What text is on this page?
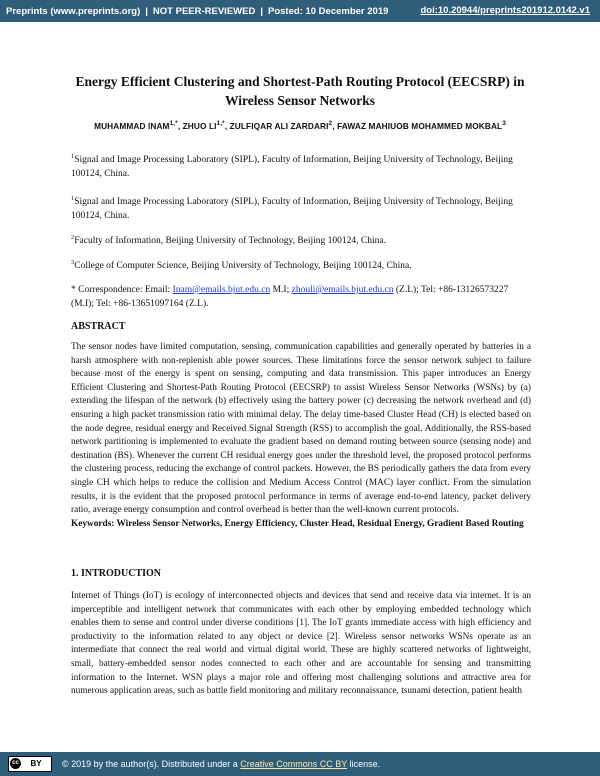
Preprints (www.preprints.org) | NOT PEER-REVIEWED | Posted: 10 December 2019	doi:10.20944/preprints201912.0142.v1
Energy Efficient Clustering and Shortest-Path Routing Protocol (EECSRP) in Wireless Sensor Networks
MUHAMMAD $INAM^{1,*}$, ZHUO $LI^{1,*}$, ZULFIQAR ALI ZARDARI$^2$, FAWAZ MAHIUOB MOHAMMED MOKBAL$^3$
$^1$Signal and Image Processing Laboratory (SIPL), Faculty of Information, Beijing University of Technology, Beijing 100124, China.
$^1$Signal and Image Processing Laboratory (SIPL), Faculty of Information, Beijing University of Technology, Beijing 100124, China.
$^2$Faculty of Information, Beijing University of Technology, Beijing 100124, China.
$^3$College of Computer Science, Beijing University of Technology, Beijing 100124, China.
* Correspondence: Email: Inam@emails.bjut.edu.cn M.I; zhouli@emails.bjut.edu.cn (Z.L); Tel: +86-13126573227 (M.I); Tel: +86-13651097164 (Z.L).
ABSTRACT
The sensor nodes have limited computation, sensing, communication capabilities and generally operated by batteries in a harsh atmosphere with non-replenish able power sources. These limitations force the sensor network subject to failure because most of the energy is spent on sensing, computing and data transmission. This paper introduces an Energy Efficient Clustering and Shortest-Path Routing Protocol (EECSRP) to assist Wireless Sensor Networks (WSNs) by (a) extending the lifespan of the network (b) effectively using the battery power (c) decreasing the network overhead and (d) ensuring a high packet transmission ratio with minimal delay. The delay time-based Cluster Head (CH) is elected based on the node degree, residual energy and Received Signal Strength (RSS) to accomplish the goal. Additionally, the RSS-based network partitioning is implemented to evaluate the gradient based on demand routing between source (sensing node) and destination (BS). Whenever the current CH residual energy goes under the threshold level, the proposed protocol performs the clustering process, reducing the exchange of control packets. However, the BS periodically gathers the data from every single CH which helps to reduce the collision and Medium Access Control (MAC) layer conflict. From the simulation results, it is the evident that the proposed protocol performance in terms of average end-to-end latency, packet delivery ratio, average energy consumption and control overhead is better than the well-known current protocols.
Keywords: Wireless Sensor Networks, Energy Efficiency, Cluster Head, Residual Energy, Gradient Based Routing
1. INTRODUCTION
Internet of Things (IoT) is ecology of interconnected objects and devices that send and receive data via internet. It is an imperceptible and intelligent network that communicates with each other by employing embedded technology which enables them to sense and control under diverse conditions [1]. The IoT grants immediate access with high efficiency and productivity to the information related to any object or device [2]. Wireless sensor networks WSNs operate as an intermediate that connect the real world and virtual digital world. These are highly scattered networks of lightweight, small, battery-embedded sensor nodes connected to each other and are accountable for sensing and transmitting information to the Internet. WSN plays a major role and offering most challenging solutions and attractive area for numerous application areas, such as battle field monitoring and military reconnaissance, tsunami detection, patient health
cc	BY	© 2019 by the author(s). Distributed under a Creative Commons CC BY license.
